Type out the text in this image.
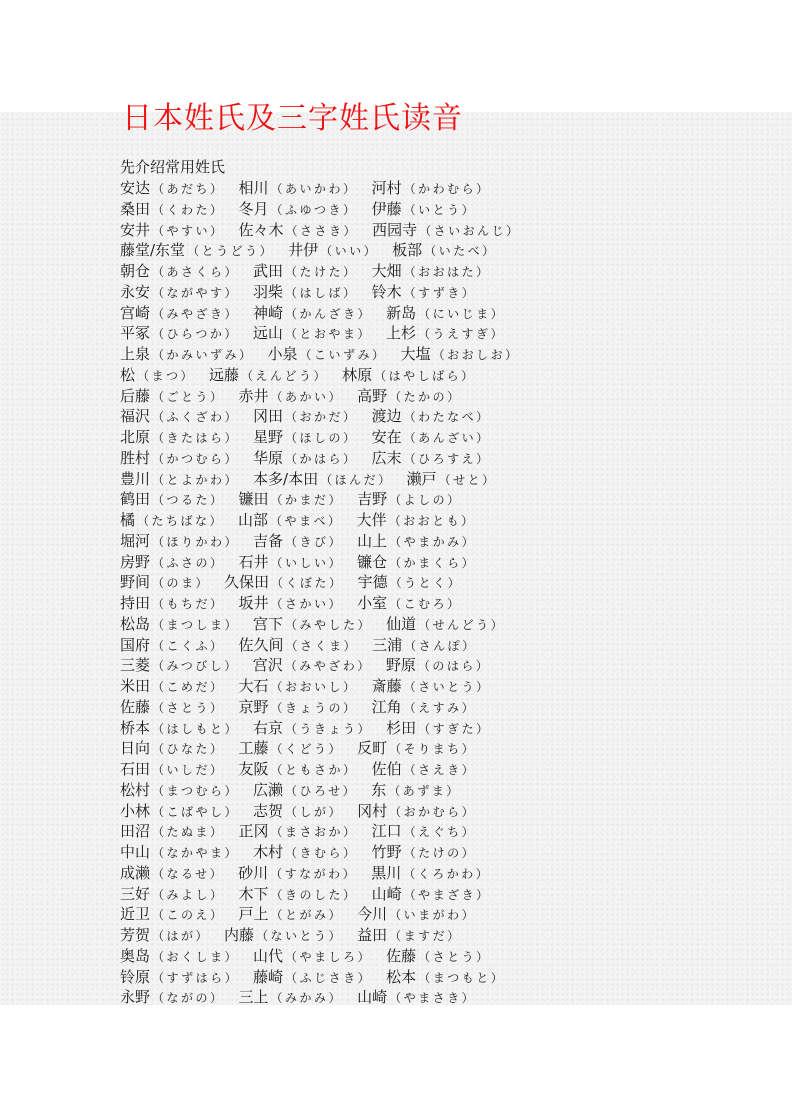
日本姓氏及三字姓氏读音
先介绍常用姓氏
安达 （あだち） 相川 （あいかわ） 河村 （かわむら）
桑田 （くわた） 冬月 （ふゆつき） 伊藤 （いとう）
安井 （やすい） 佐々木 （ささき） 西园寺 （さいおんじ）
藤堂/东堂 （とうどう） 井伊 （いい） 板部 （いたべ）
朝仓 （あさくら） 武田 （たけた） 大畑 （おおはた）
永安 （ながやす） 羽柴 （はしば） 铃木 （すずき）
宫崎 （みやざき） 神崎 （かんざき） 新岛 （にいじま）
平冢 （ひらつか） 远山 （とおやま） 上杉 （うえすぎ）
上泉 （かみいずみ） 小泉 （こいずみ） 大塩 （おおしお）
松 （まつ） 远藤 （えんどう） 林原 （はやしばら）
后藤 （ごとう） 赤井 （あかい） 高野 （たかの）
福沢 （ふくざわ） 冈田 （おかだ） 渡边 （わたなべ）
北原 （きたはら） 星野 （ほしの） 安在 （あんざい）
胜村 （かつむら） 华原 （かはら） 広末 （ひろすえ）
豊川 （とよかわ） 本多/本田 （ほんだ） 濑戸 （せと）
鹤田 （つるた） 镰田 （かまだ） 吉野 （よしの）
橘 （たちばな） 山部 （やまべ） 大伴 （おおとも）
堀河 （ほりかわ） 吉备 （きび） 山上 （やまかみ）
房野 （ふさの） 石井 （いしい） 镰仓 （かまくら）
野间 （のま） 久保田 （くぼた） 宇德 （うとく）
持田 （もちだ） 坂井 （さかい） 小室 （こむろ）
松岛 （まつしま） 宫下 （みやした） 仙道 （せんどう）
国府 （こくふ） 佐久间 （さくま） 三浦 （さんぽ）
三菱 （みつびし） 宫沢 （みやざわ） 野原 （のはら）
米田 （こめだ） 大石 （おおいし） 斎藤 （さいとう）
佐藤 （さとう） 京野 （きょうの） 江角 （えすみ）
桥本 （はしもと） 右京 （うきょう） 杉田 （すぎた）
日向 （ひなた） 工藤 （くどう） 反町 （そりまち）
石田 （いしだ） 友阪 （ともさか） 佐伯 （さえき）
松村 （まつむら） 広濑 （ひろせ） 东 （あずま）
小林 （こばやし） 志贺 （しが） 冈村 （おかむら）
田沼 （たぬま） 正冈 （まさおか） 江口 （えぐち）
中山 （なかやま） 木村 （きむら） 竹野 （たけの）
成濑 （なるせ） 砂川 （すながわ） 黒川 （くろかわ）
三好 （みよし） 木下 （きのした） 山崎 （やまざき）
近卫 （このえ） 戸上 （とがみ） 今川 （いまがわ）
芳贺 （はが） 内藤 （ないとう） 益田 （ますだ）
奥岛 （おくしま） 山代 （やましろ） 佐藤 （さとう）
铃原 （すずはら） 藤崎 （ふじさき） 松本 （まつもと）
永野 （ながの） 三上 （みかみ） 山崎 （やまさき）
